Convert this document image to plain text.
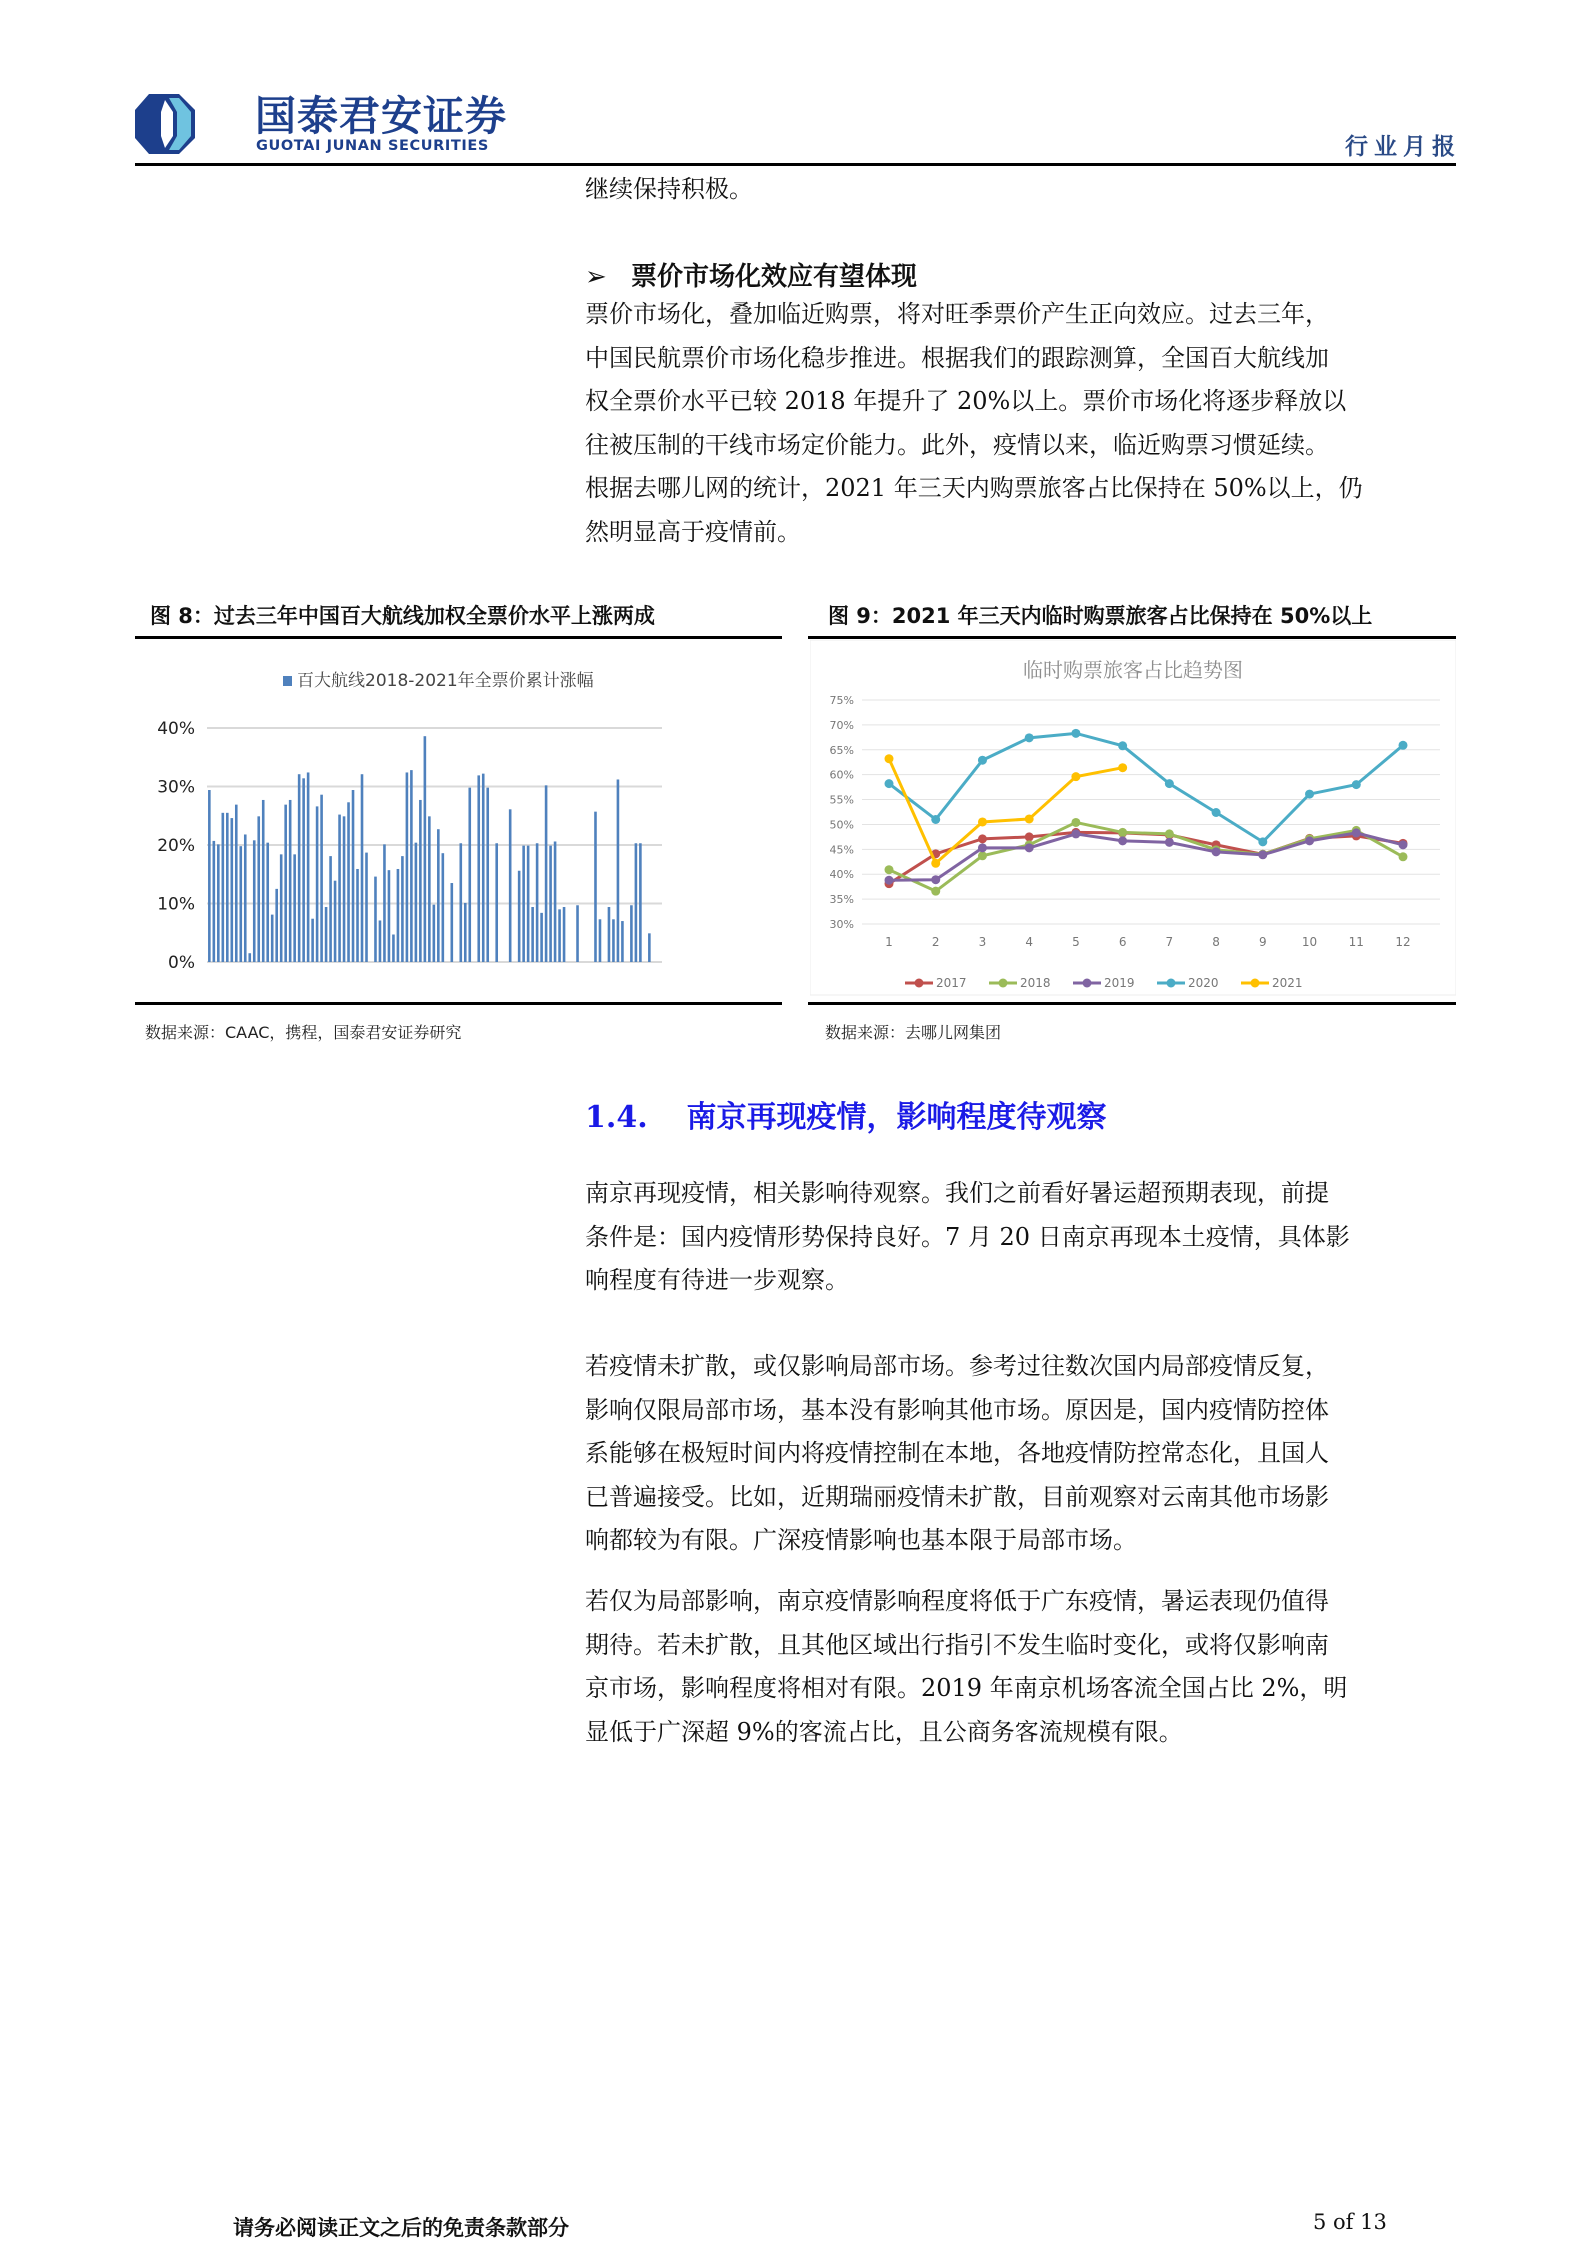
国泰君安证券
GUOTAI JUNAN SECURITIES	行业月报
继续保持积极。
➢ 票价市场化效应有望体现
票价市场化，叠加临近购票，将对旺季票价产生正向效应。过去三年，
中国民航票价市场化稳步推进。根据我们的跟踪测算，全国百大航线加
权全票价水平已较 2018 年提升了 20%以上。票价市场化将逐步释放以
往被压制的干线市场定价能力。此外，疫情以来，临近购票习惯延续。
根据去哪儿网的统计，2021 年三天内购票旅客占比保持在 50%以上，仍
然明显高于疫情前。
图 8：过去三年中国百大航线加权全票价水平上涨两成
百大航线2018-2021年全票价累计涨幅
0%
10%
20%
30%
40%
数据来源：CAAC，携程，国泰君安证券研究
图 9：2021 年三天内临时购票旅客占比保持在 50%以上
临时购票旅客占比趋势图
30%
35%
40%
45%
50%
55%
60%
65%
70%
75%
1	2	3	4	5	6	7	8	9	10	11	12
2017	2018	2019	2020	2021
数据来源：去哪儿网集团
1.4. 南京再现疫情，影响程度待观察
南京再现疫情，相关影响待观察。我们之前看好暑运超预期表现，前提
条件是：国内疫情形势保持良好。7 月 20 日南京再现本土疫情，具体影
响程度有待进一步观察。
若疫情未扩散，或仅影响局部市场。参考过往数次国内局部疫情反复，
影响仅限局部市场，基本没有影响其他市场。原因是，国内疫情防控体
系能够在极短时间内将疫情控制在本地，各地疫情防控常态化，且国人
已普遍接受。比如，近期瑞丽疫情未扩散，目前观察对云南其他市场影
响都较为有限。广深疫情影响也基本限于局部市场。
若仅为局部影响，南京疫情影响程度将低于广东疫情，暑运表现仍值得
期待。若未扩散，且其他区域出行指引不发生临时变化，或将仅影响南
京市场，影响程度将相对有限。2019 年南京机场客流全国占比 2%，明
显低于广深超 9%的客流占比，且公商务客流规模有限。
请务必阅读正文之后的免责条款部分	5 of 13
